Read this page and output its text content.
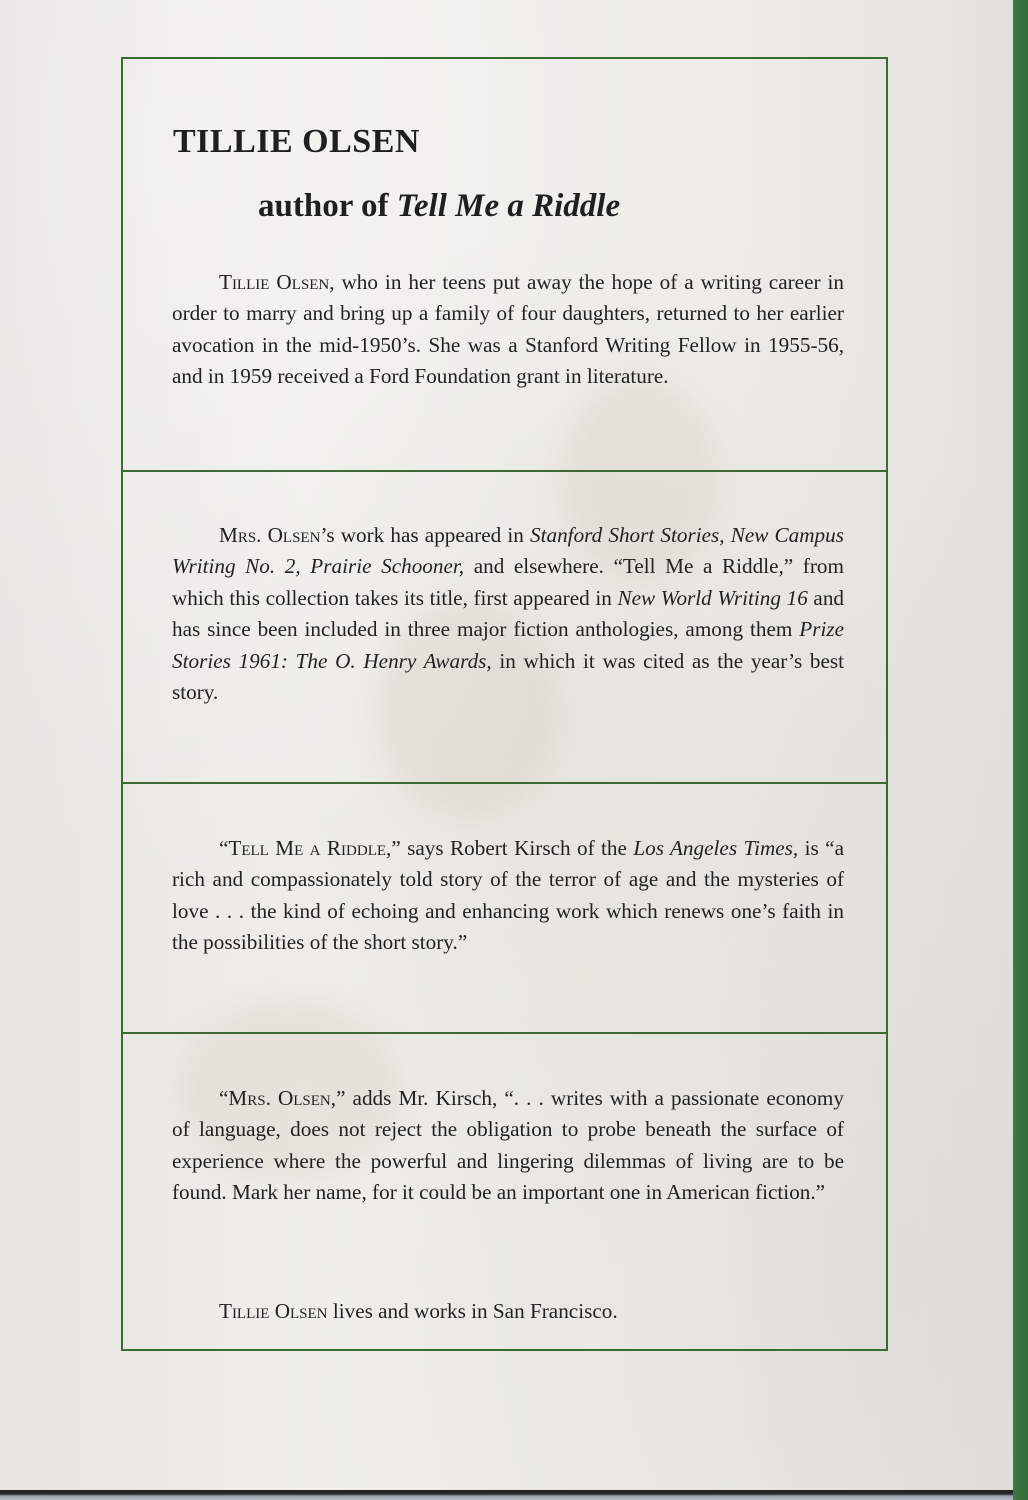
TILLIE OLSEN
author of Tell Me a Riddle

Tillie Olsen, who in her teens put away the hope of a writing career in order to marry and bring up a family of four daughters, returned to her earlier avocation in the mid-1950’s. She was a Stanford Writing Fellow in 1955-56, and in 1959 received a Ford Foundation grant in literature.

Mrs. Olsen’s work has appeared in Stanford Short Stories, New Campus Writing No. 2, Prairie Schooner, and elsewhere. “Tell Me a Riddle,” from which this collection takes its title, first appeared in New World Writing 16 and has since been included in three major fiction anthologies, among them Prize Stories 1961: The O. Henry Awards, in which it was cited as the year’s best story.

“Tell Me a Riddle,” says Robert Kirsch of the Los Angeles Times, is “a rich and compassionately told story of the terror of age and the mysteries of love . . . the kind of echoing and enhancing work which renews one’s faith in the possibilities of the short story.”

“Mrs. Olsen,” adds Mr. Kirsch, “. . . writes with a passionate economy of language, does not reject the obligation to probe beneath the surface of experience where the powerful and lingering dilemmas of living are to be found. Mark her name, for it could be an important one in American fiction.”

Tillie Olsen lives and works in San Francisco.
